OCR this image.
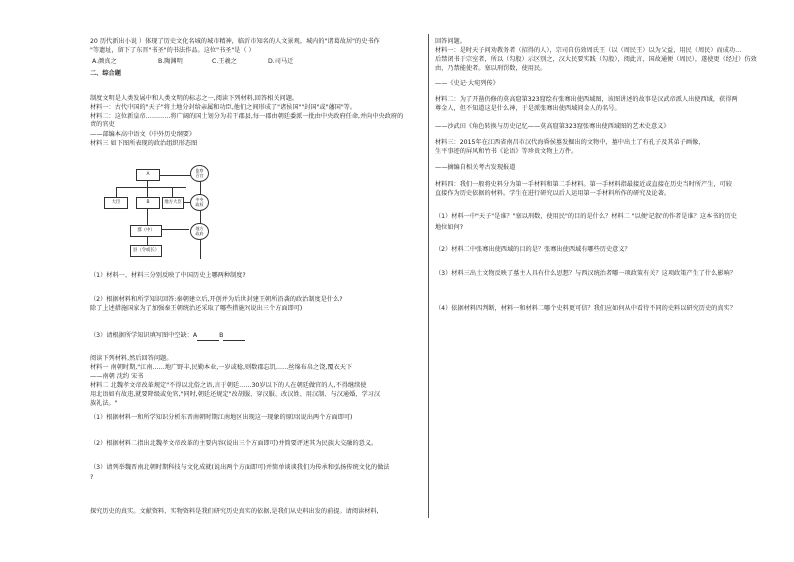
20 历代新出小说 ）体现了历史文化名城的城市精神，临沂市知名的人文景观。城内的"诸葛故居"的史书作

"等遗址，留下了东晋"书圣"的书法作品。这位"书圣"是（ ）

A.颜真之	B.陶渊明	C.王羲之	D.司马迁

二、综合题

制度文明是人类发展中和人类文明的标志之一,阅读下列材料,回答相关问题。

材料一：古代中国的"天子"将土地分封给亲属和功臣,他们之间形成了"诸侯国""封国"或"藩国"等。

材料二：这位新皇帝…………将广阔的国土划分为若干郡县,每一郡由朝廷委派一批由中央政府任命,并向中央政府的

责的官吏

——部编本高中语文《中外历史纲要》

材料三 如下图所表现的政治组织形态图

（1）材料一、材料三分别反映了中国历史上哪两种制度?

（2）根据材料和所学知识回答:秦朝建立后,开创并为后世封建王朝所沿袭的政治制度是什么?

除了上述措施国家为了加强秦王朝统治还采取了哪些措施?(说出三个方面即可)

（3）请根据所学知识填写图中空缺：A	B

阅读下列材料,然后回答问题。

材料一 南朝时期,"江南……地广野丰,民勤本业,一岁或稔,则数郡忘饥……丝绵布帛之饶,覆衣天下

——南朝 沈约 宋书

材料二 北魏孝文帝改革规定"不得以北俗之语,言于朝廷……30岁以下的人在朝廷做官的人,不得继续使

用北语如有故违,就要降级或免官,"同时,朝廷还规定"改胡服、穿汉服、改汉姓、用汉制、与汉通婚、学习汉

族礼法。"

（1）根据材料一和所学知识分析东晋南朝时期江南地区出现这一现象的原因(说出两个方面即可)

（2）根据材料二指出北魏孝文帝改革的主要内容(说出三个方面即可)并简要评述其为民族大交融的意义。

（3）请列举魏晋南北朝时期科技与文化成就(说出两个方面即可)并简单谈谈我们为传承和弘扬传统文化的做法

?

探究历史的真实。文献资料、实物资料是我们研究历史真实的依据,是我们从史料出发的前提。请阅读材料,

A
大臣	B	地方大臣
郡（中）
县（令或长）
监察
百官
中央
政权
地方
政府

回答问题。

材料一：是时天子问劝教务者（招得的人），宗司自仿效周氏王（以（周民王）以为父益，用民（周民）而成功…

后禁闭书于宗室者，所以（勾股）示区别之，汉大民要实践（勾股），阅此言，国故通便（周民），遂使更（经过）仿效

由，乃禁能使者。塞以刑罚数，使用民。

——《史记·大宛列传》

材料二：为了开凿仍修的莫高窟第323窟绘有张骞出使西域图，该图讲述的故事是汉武帝派人出使西域，获得两

尊金人，但不知道这是什么神，于是派张骞出使西域问金人的名号。

——沙武田《角色转换与历史记忆——莫高窟第323窟张骞出使西域图的艺术史意义》

材料三：2015年在江西省南昌市汉代海昏侯墓发掘出的文物中，墓中出土了有孔子及其弟子画像，

生平事迹的屏风和竹书《论语》等珍贵文物上万件。

——摘编自相关考古发现报道

材料四：我们一般将史料分为第一手材料和第二手材料。第一手材料指最接近或直接在历史当时所产生，可较

直接作为历史依据的材料。学生在进行研究以后人运用第一手材料所作的研究及论著。

（1）材料一中"天子"是谁？"塞以刑数，使用民"的目的是什么？材料二 "以便'记叙'的作者是谁？这本书的历史

地位如何?

（2）材料二中张骞出使西域的目的是？张骞出使西域有哪些历史意义？

（3）材料三出土文物反映了墓主人具有什么思想？与西汉统治者哪一项政策有关？这项政策产生了什么影响？

（4）依据材料四判断，材料一和材料二哪个史料更可信？我们应如何从中看待不同的史料以研究历史的真实？
